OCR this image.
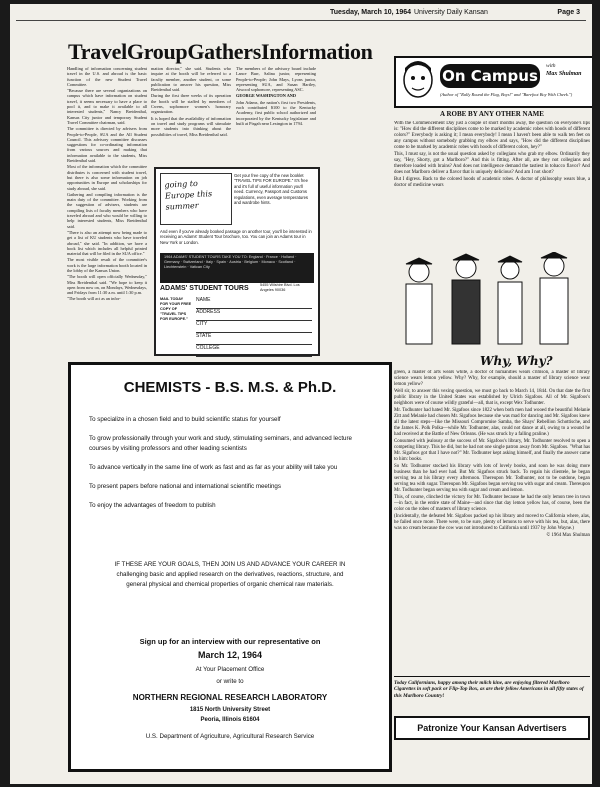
Tuesday, March 10, 1964 University Daily Kansan	Page 3
TravelGroupGathersInformation

Handling of information concerning student travel in the U.S. and abroad is the basic function of the new Student Travel Committee.

"Because there are several organizations on campus which have information on student travel, it seems necessary to have a place to pool it, and to make it available to all interested students," Nancy Breidenthal, Kansas City junior and temporary Student Travel Committee chairman, said.

The committee is directed by advisers from People-to-People, SUA and the All Student Council. This advisory committee discusses suggestions for co-ordinating information from various sources and making that information available to the students, Miss Breidenthal said.

Most of the information which the committee distributes is concerned with student travel, but there is also some information on job opportunities in Europe and scholarships for study abroad, she said.

Gathering and compiling information is the main duty of the committee. Working from the suggestion of advisers, students are compiling lists of faculty members who have traveled abroad and who would be willing to help interested students, Miss Breidenthal said.

"There is also an attempt now being made to get a list of KU students who have traveled abroad," she said. "In addition, we have a book list which includes all helpful printed material that will be filed in the SUA office."

The most visible result of the committee's work is the large information booth located in the lobby of the Kansas Union.

"The booth will open officially Wednesday," Miss Breidenthal said. "We hope to keep it open from now on, on Mondays, Wednesdays, and Fridays from 11:30 a.m. until 1:30 p.m.

"The booth will act as an infor-

mation director," she said. Students who inquire at the booth will be referred to a faculty member, another student, or some publication to answer his question, Miss Breidenthal said.

During the first three weeks of its operation the booth will be staffed by members of Cwens, sophomore women's honorary organization.

It is hoped that the availability of information on travel and study programs will stimulate more students into thinking about the possibilities of travel, Miss Breidenthal said.

The members of the advisory board include Lance Burr, Salina junior, representing People-to-People; John Mays, Lyons junior, representing SUA, and Susan Hartley, Atwood sophomore, representing ASC.

GEORGE WASHINGTON AND

John Adams, the nation's first two Presidents, each contributed $100 to the Kentucky Academy, first public school authorized and incorporated by the Kentucky legislature and built at Pisgah near Lexington in 1794.

going to Europe this summer
Get your free copy of the new booklet "TRAVEL TIPS FOR EUROPE." It's free and it's full of useful information you'll need. Currency, Passport and Customs regulations, even average temperatures and wardrobe hints.
And even if you've already booked passage on another tour, you'll be interested in receiving an Adams' Student Tour brochure, too. You can join an Adams tour in New York or London.
1964 ADAMS' STUDENT TOURS TAKE YOU TO: England · France · Holland · Germany · Switzerland · Italy · Spain · Austria · Belgium · Monaco · Scotland · Liechtenstein · Vatican City
ADAMS' STUDENT TOURS	5455 Wilshire Blvd. Los Angeles 90036
MAIL TODAY FOR YOUR FREE COPY OF "TRAVEL TIPS FOR EUROPE."
NAME
ADDRESS
CITY
STATE
COLLEGE
CHEMISTS - B.S. M.S. & Ph.D.

To specialize in a chosen field and to build scientific status for yourself

To grow professionally through your work and study, stimulating seminars, and advanced lecture courses by visiting professors and other leading scientists

To advance vertically in the same line of work as fast and as far as your ability will take you

To present papers before national and international scientific meetings

To enjoy the advantages of freedom to publish

IF THESE ARE YOUR GOALS, THEN JOIN US AND ADVANCE YOUR CAREER IN challenging basic and applied research on the derivatives, reactions, structure, and general physical and chemical properties of organic chemical raw materials.
Sign up for an interview with our representative on
March 12, 1964
At Your Placement Office
or write to
NORTHERN REGIONAL RESEARCH LABORATORY
1815 North University Street
Peoria, Illinois 61604
U.S. Department of Agriculture, Agricultural Research Service
On Campus
with
Max Shulman
(Author of "Rally Round the Flag, Boys!" and "Barefoot Boy With Cheek.")
A ROBE BY ANY OTHER NAME

With the Commencement Day just a couple of short months away, the question on everyone's lips is: "How did the different disciplines come to be marked by academic robes with hoods of different colors?" Everybody is asking it; I mean everybody! I mean I haven't been able to walk ten feet on any campus without somebody grabbing my elbow and says, "How did the different disciplines come to be marked by academic robes with hoods of different colors, hey?"

This, I must say, is not the usual question asked by collegians who grab my elbow. Ordinarily they say, "Hey, Shorty, got a Marlboro?" And this is fitting. After all, are they not collegians and therefore loaded with brains? And does not intelligence demand the tastiest in tobacco flavor? And does not Marlboro deliver a flavor that is uniquely delicious? And am I not short?

But I digress. Back to the colored hoods of academic robes. A doctor of philosophy wears blue, a doctor of medicine wears

Why, Why?

green, a master of arts wears white, a doctor of humanities wears crimson, a master of library science wears lemon yellow. Why? Why, for example, should a master of library science wear lemon yellow?

Well sir, to answer this vexing question, we must go back to March 14, 1844. On that date the first public library in the United States was established by Ulrich Sigafoos. All of Mr. Sigafoos's neighbors were of course wildly grateful—all, that is, except Wex Todhunter.

Mr. Todhunter had hated Mr. Sigafoos since 1822 when both men had wooed the beautiful Melanie Zitt and Melanie had chosen Mr. Sigafoos because she was mad for dancing and Mr. Sigafoos knew all the latest steps—like the Missouri Compromise Samba, the Shays' Rebellion Schottische, and the James K. Polk Polka—while Mr. Todhunter, alas, could not dance at all, owing to a wound he had received at the Battle of New Orleans. (He was struck by a falling praline.)

Consumed with jealousy at the success of Mr. Sigafoos's library, Mr. Todhunter resolved to open a competing library. This he did, but he had not one single patron away from Mr. Sigafoos. "What has Mr. Sigafoos got that I have not?" Mr. Todhunter kept asking himself, and finally the answer came to him: books.

So Mr. Todhunter stocked his library with lots of lovely books, and soon he was doing more business than he had ever had. But Mr. Sigafoos struck back. To regain his clientele, he began serving tea at his library every afternoon. Thereupon Mr. Todhunter, not to be outdone, began serving tea with sugar. Thereupon Mr. Sigafoos began serving tea with sugar and cream. Thereupon Mr. Todhunter began serving tea with sugar and cream and lemon.

This, of course, clinched the victory for Mr. Todhunter because he had the only lemon tree in town—in fact, in the entire state of Maine—and since that day lemon yellow has, of course, been the color on the robes of masters of library science.

(Incidentally, the defeated Mr. Sigafoos packed up his library and moved to California where, alas, he failed once more. There were, to be sure, plenty of lemons to serve with his tea, but, alas, there was no cream because the cow was not introduced to California until 1937 by John Wayne.)

© 1964 Max Shulman

Today Californians, happy among their milch kine, are enjoying filtered Marlboro Cigarettes in soft pack or Flip-Top Box, as are their fellow Americans in all fifty states of this Marlboro Country!
Patronize Your Kansan Advertisers
